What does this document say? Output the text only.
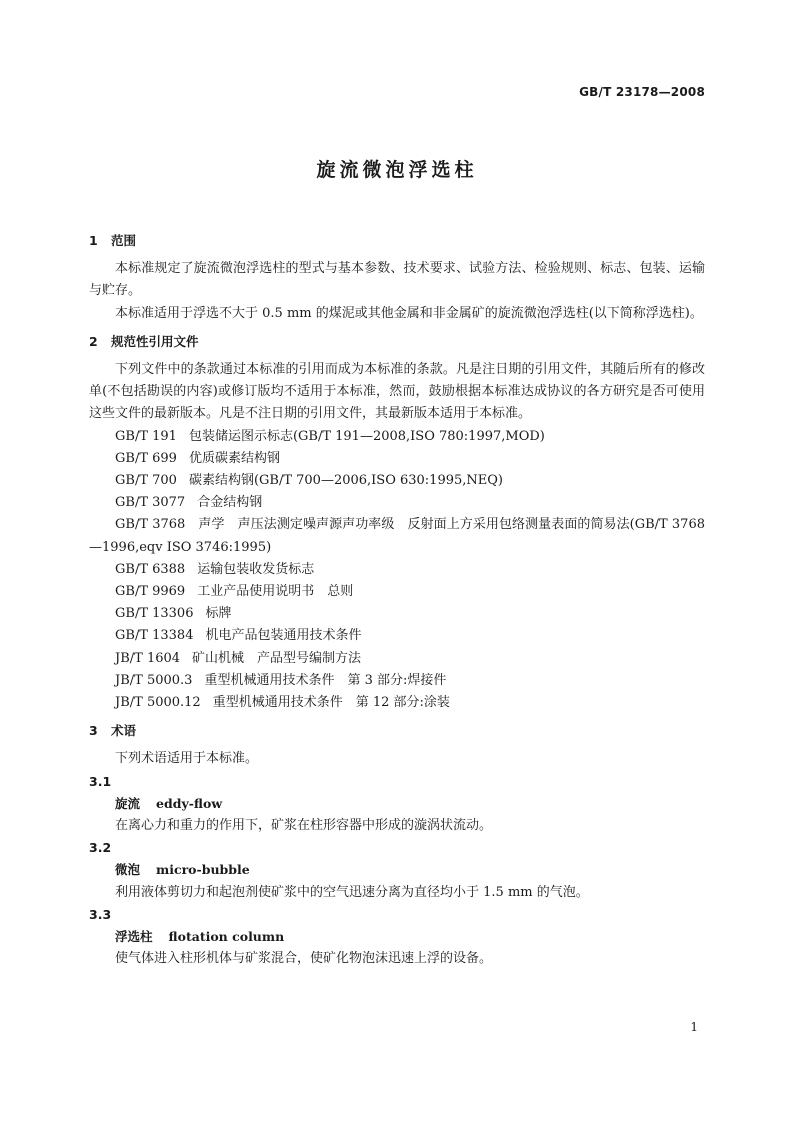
GB/T 23178—2008
旋流微泡浮选柱
1 范围

本标准规定了旋流微泡浮选柱的型式与基本参数、技术要求、试验方法、检验规则、标志、包装、运输与贮存。

本标准适用于浮选不大于 0.5 mm 的煤泥或其他金属和非金属矿的旋流微泡浮选柱(以下简称浮选柱)。

2 规范性引用文件

下列文件中的条款通过本标准的引用而成为本标准的条款。凡是注日期的引用文件，其随后所有的修改单(不包括勘误的内容)或修订版均不适用于本标准，然而，鼓励根据本标准达成协议的各方研究是否可使用这些文件的最新版本。凡是不注日期的引用文件，其最新版本适用于本标准。

GB/T 191 包装储运图示标志(GB/T 191—2008,ISO 780:1997,MOD)

GB/T 699 优质碳素结构钢

GB/T 700 碳素结构钢(GB/T 700—2006,ISO 630:1995,NEQ)

GB/T 3077 合金结构钢

GB/T 3768　声学　声压法测定噪声源声功率级　反射面上方采用包络测量表面的简易法(GB/T 3768—1996,eqv ISO 3746:1995)

GB/T 6388 运输包装收发货标志

GB/T 9969 工业产品使用说明书　总则

GB/T 13306 标牌

GB/T 13384 机电产品包装通用技术条件

JB/T 1604 矿山机械　产品型号编制方法

JB/T 5000.3 重型机械通用技术条件　第 3 部分:焊接件

JB/T 5000.12 重型机械通用技术条件　第 12 部分:涂装

3 术语

下列术语适用于本标准。

3.1

旋流 eddy-flow

在离心力和重力的作用下，矿浆在柱形容器中形成的漩涡状流动。

3.2

微泡 micro-bubble

利用液体剪切力和起泡剂使矿浆中的空气迅速分离为直径均小于 1.5 mm 的气泡。

3.3

浮选柱 flotation column

使气体进入柱形机体与矿浆混合，使矿化物泡沫迅速上浮的设备。

1
